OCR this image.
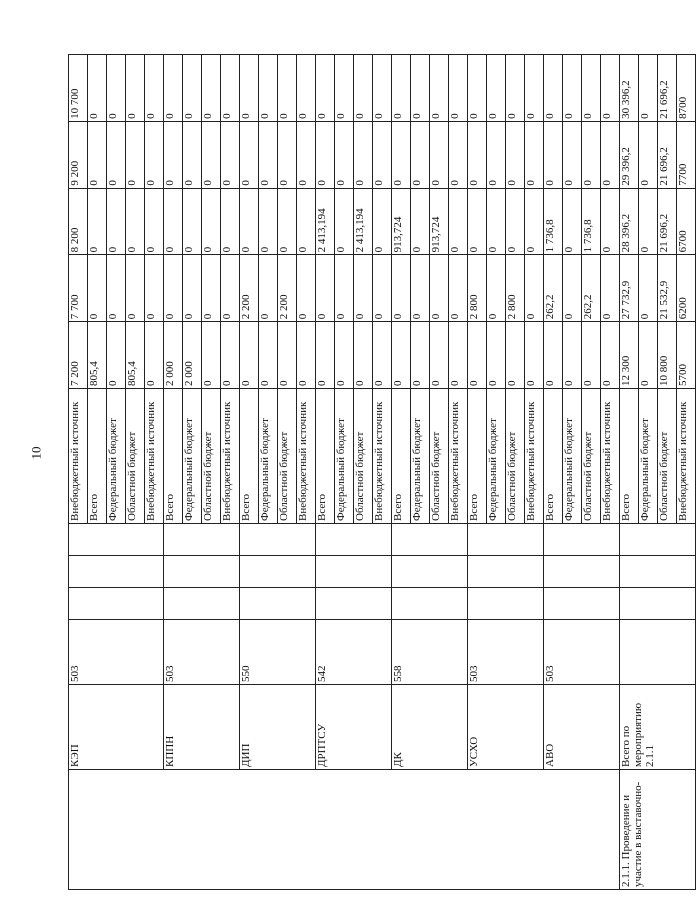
10
	КЭП	503				Внебюджетный источник	7 200	7 700	8 200	9 200	10 700
						Всего	805,4	0	0	0	0
						Федеральный бюджет	0	0	0	0	0
						Областной бюджет	805,4	0	0	0	0
						Внебюджетный источник	0	0	0	0	0
	КППН	503				Всего	2 000	0	0	0	0
						Федеральный бюджет	2 000	0	0	0	0
						Областной бюджет	0	0	0	0	0
						Внебюджетный источник	0	0	0	0	0
	ДИП	550				Всего	0	2 200	0	0	0
						Федеральный бюджет	0	0	0	0	0
						Областной бюджет	0	2 200	0	0	0
						Внебюджетный источник	0	0	0	0	0
	ДРПТСУ	542				Всего	0	0	2 413,194	0	0
						Федеральный бюджет	0	0	0	0	0
						Областной бюджет	0	0	2 413,194	0	0
						Внебюджетный источник	0	0	0	0	0
	ДК	558				Всего	0	0	913,724	0	0
						Федеральный бюджет	0	0	0	0	0
						Областной бюджет	0	0	913,724	0	0
						Внебюджетный источник	0	0	0	0	0
	УСХО	503				Всего	0	2 800	0	0	0
						Федеральный бюджет	0	0	0	0	0
						Областной бюджет	0	2 800	0	0	0
						Внебюджетный источник	0	0	0	0	0
	АВО	503				Всего	0	262,2	1 736,8	0	0
						Федеральный бюджет	0	0	0	0	0
						Областной бюджет	0	262,2	1 736,8	0	0
						Внебюджетный источник	0	0	0	0	0
2.1.1. Проведение и участие в выставочно-	Всего по мероприятию 2.1.1					Всего	12 300	27 732,9	28 396,2	29 396,2	30 396,2
						Федеральный бюджет	0	0	0	0	0
						Областной бюджет	10 800	21 532,9	21 696,2	21 696,2	21 696,2
						Внебюджетный источник	5700	6200	6700	7700	8700
